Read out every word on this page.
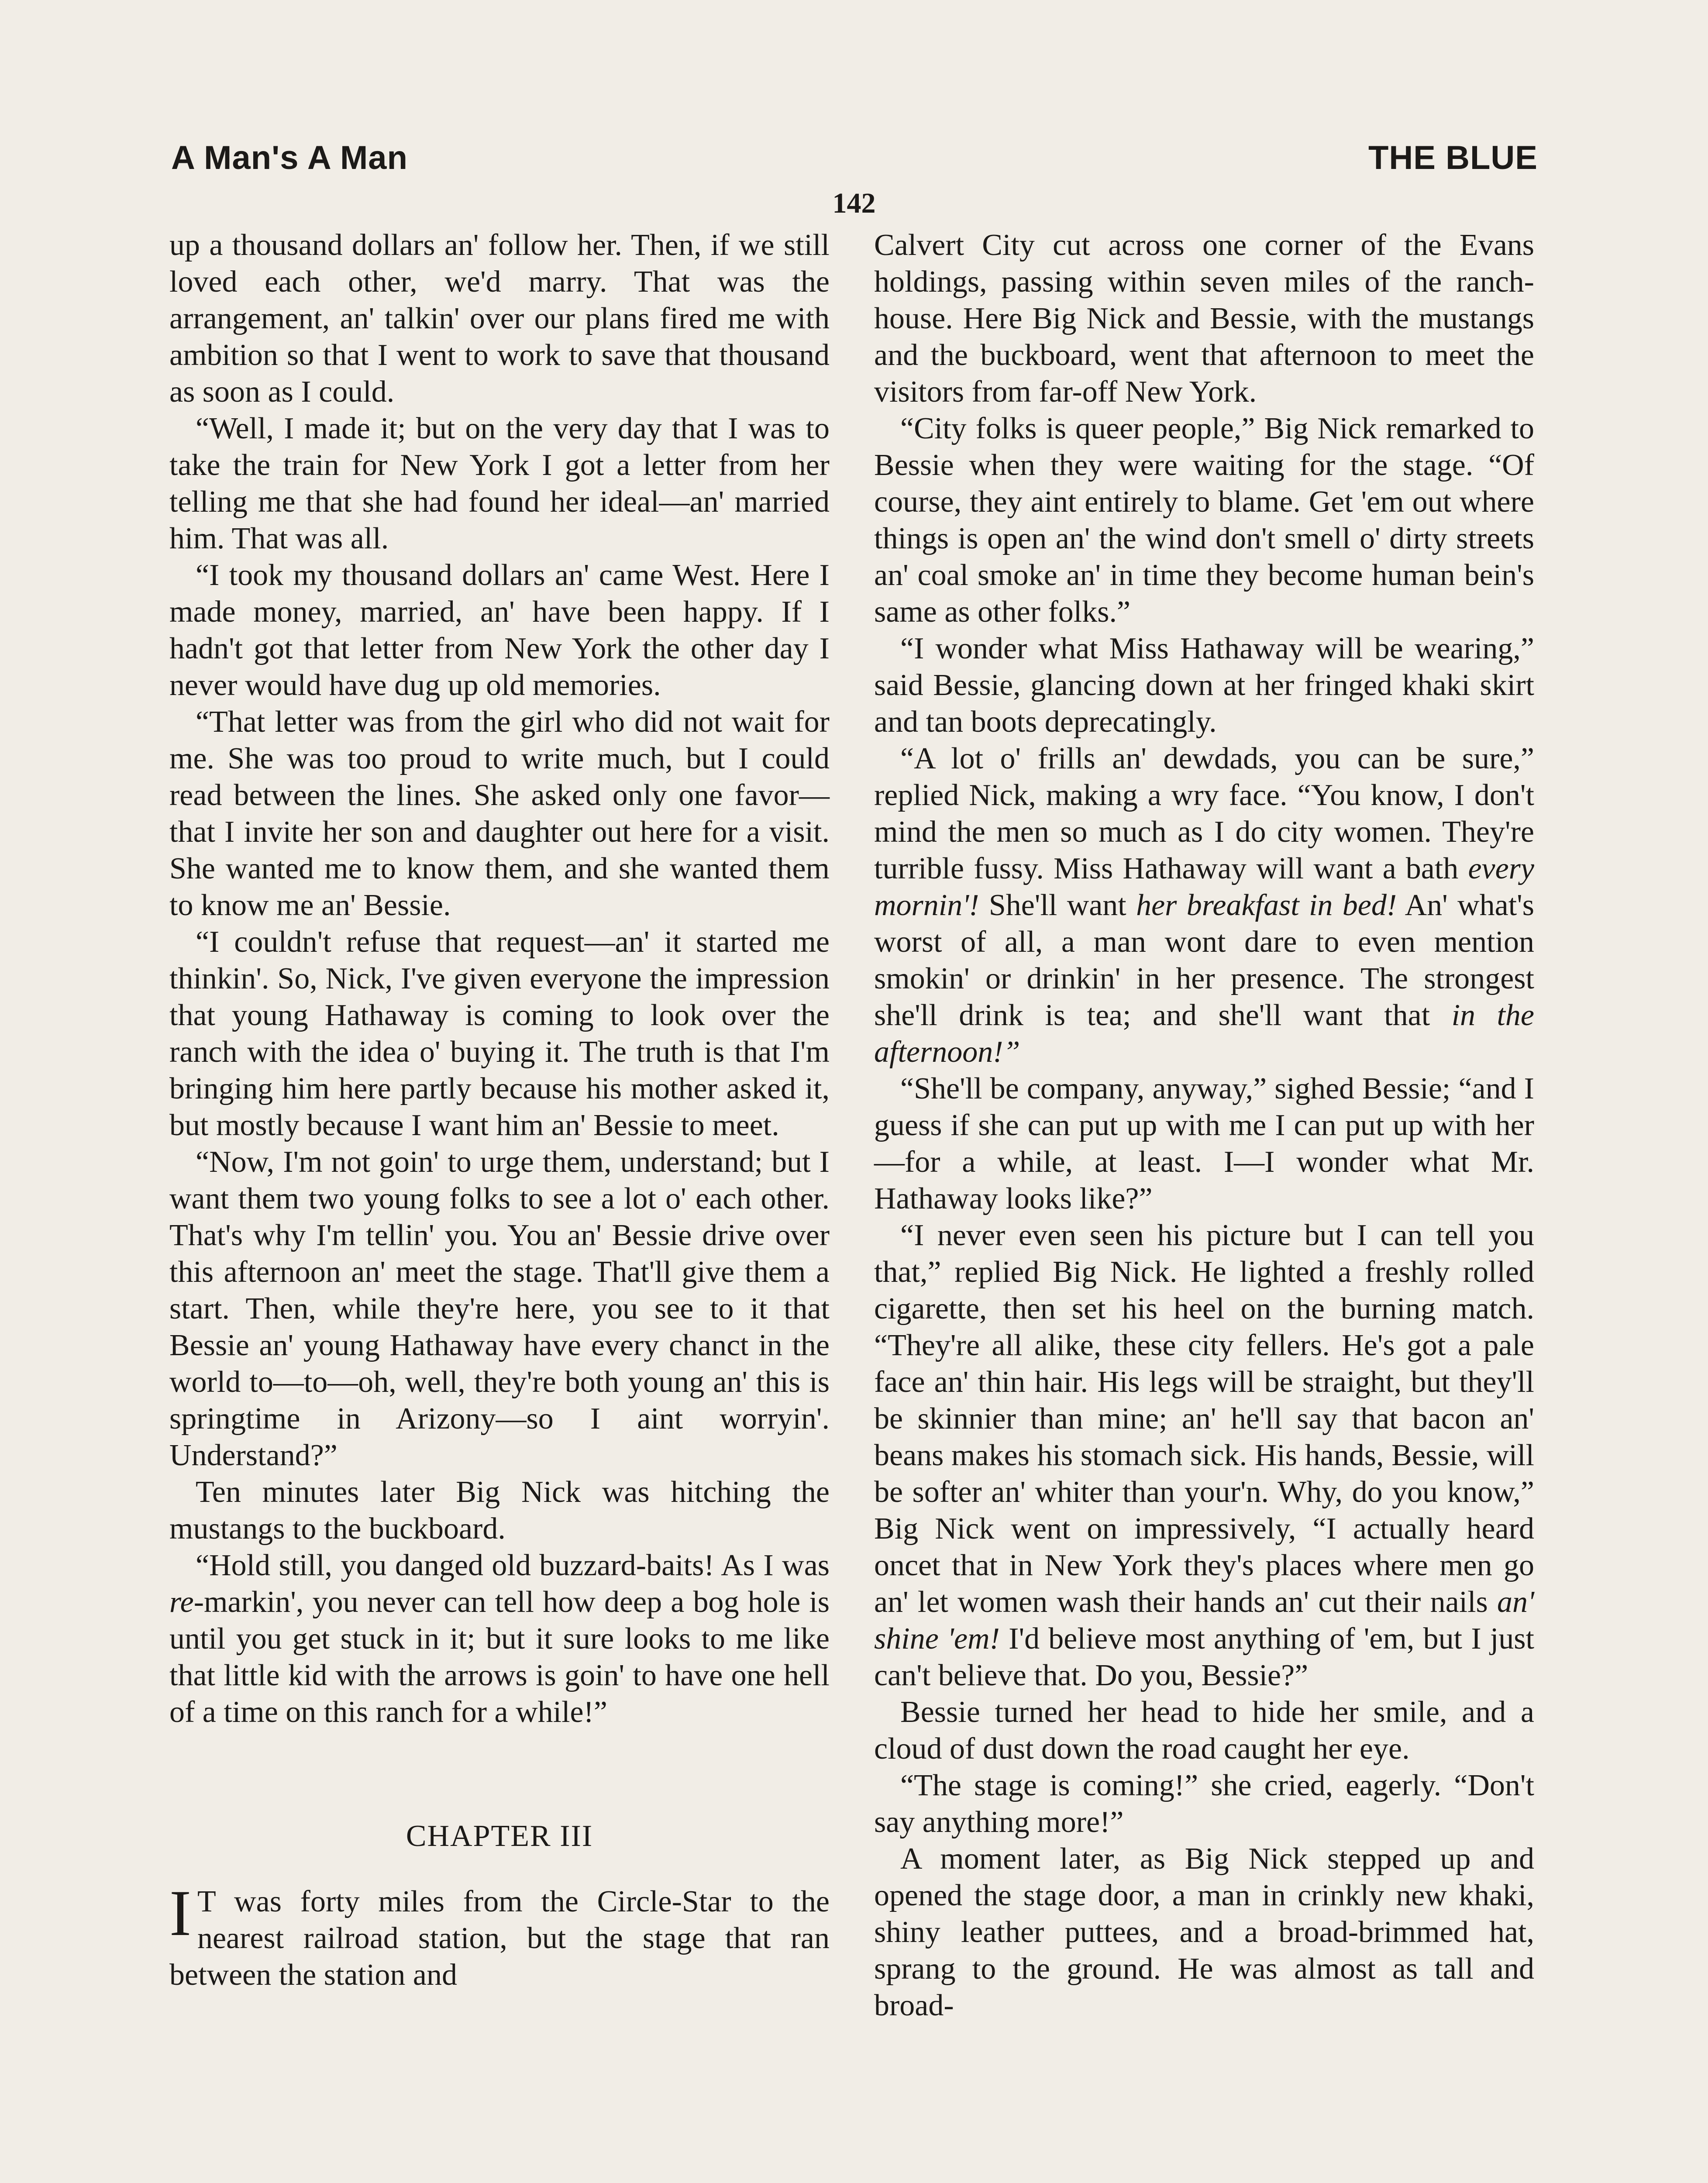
A Man's A Man	THE BLUE
142

up a thousand dollars an' follow her. Then, if we still loved each other, we'd marry. That was the arrangement, an' talkin' over our plans fired me with ambition so that I went to work to save that thousand as soon as I could.

“Well, I made it; but on the very day that I was to take the train for New York I got a letter from her telling me that she had found her ideal—an' married him. That was all.

“I took my thousand dollars an' came West. Here I made money, married, an' have been happy. If I hadn't got that letter from New York the other day I never would have dug up old memories.

“That letter was from the girl who did not wait for me. She was too proud to write much, but I could read between the lines. She asked only one favor—that I invite her son and daughter out here for a visit. She wanted me to know them, and she wanted them to know me an' Bessie.

“I couldn't refuse that request—an' it started me thinkin'. So, Nick, I've given everyone the impression that young Hathaway is coming to look over the ranch with the idea o' buying it. The truth is that I'm bringing him here partly because his mother asked it, but mostly because I want him an' Bessie to meet.

“Now, I'm not goin' to urge them, understand; but I want them two young folks to see a lot o' each other. That's why I'm tellin' you. You an' Bessie drive over this afternoon an' meet the stage. That'll give them a start. Then, while they're here, you see to it that Bessie an' young Hathaway have every chanct in the world to—to—oh, well, they're both young an' this is springtime in Arizony—so I aint worryin'. Understand?”

Ten minutes later Big Nick was hitching the mustangs to the buckboard.

“Hold still, you danged old buzzard-baits! As I was re-markin', you never can tell how deep a bog hole is until you get stuck in it; but it sure looks to me like that little kid with the arrows is goin' to have one hell of a time on this ranch for a while!”

CHAPTER III

I T was forty miles from the Circle-Star to the nearest railroad station, but the stage that ran between the station and

Calvert City cut across one corner of the Evans holdings, passing within seven miles of the ranch-house. Here Big Nick and Bessie, with the mustangs and the buckboard, went that afternoon to meet the visitors from far-off New York.

“City folks is queer people,” Big Nick remarked to Bessie when they were waiting for the stage. “Of course, they aint entirely to blame. Get 'em out where things is open an' the wind don't smell o' dirty streets an' coal smoke an' in time they become human bein's same as other folks.”

“I wonder what Miss Hathaway will be wearing,” said Bessie, glancing down at her fringed khaki skirt and tan boots deprecatingly.

“A lot o' frills an' dewdads, you can be sure,” replied Nick, making a wry face. “You know, I don't mind the men so much as I do city women. They're turrible fussy. Miss Hathaway will want a bath every mornin'! She'll want her breakfast in bed! An' what's worst of all, a man wont dare to even mention smokin' or drinkin' in her presence. The strongest she'll drink is tea; and she'll want that in the afternoon!”

“She'll be company, anyway,” sighed Bessie; “and I guess if she can put up with me I can put up with her—for a while, at least. I—I wonder what Mr. Hathaway looks like?”

“I never even seen his picture but I can tell you that,” replied Big Nick. He lighted a freshly rolled cigarette, then set his heel on the burning match. “They're all alike, these city fellers. He's got a pale face an' thin hair. His legs will be straight, but they'll be skinnier than mine; an' he'll say that bacon an' beans makes his stomach sick. His hands, Bessie, will be softer an' whiter than your'n. Why, do you know,” Big Nick went on impressively, “I actually heard oncet that in New York they's places where men go an' let women wash their hands an' cut their nails an' shine 'em! I'd believe most anything of 'em, but I just can't believe that. Do you, Bessie?”

Bessie turned her head to hide her smile, and a cloud of dust down the road caught her eye.

“The stage is coming!” she cried, eagerly. “Don't say anything more!”

A moment later, as Big Nick stepped up and opened the stage door, a man in crinkly new khaki, shiny leather puttees, and a broad-brimmed hat, sprang to the ground. He was almost as tall and broad-
